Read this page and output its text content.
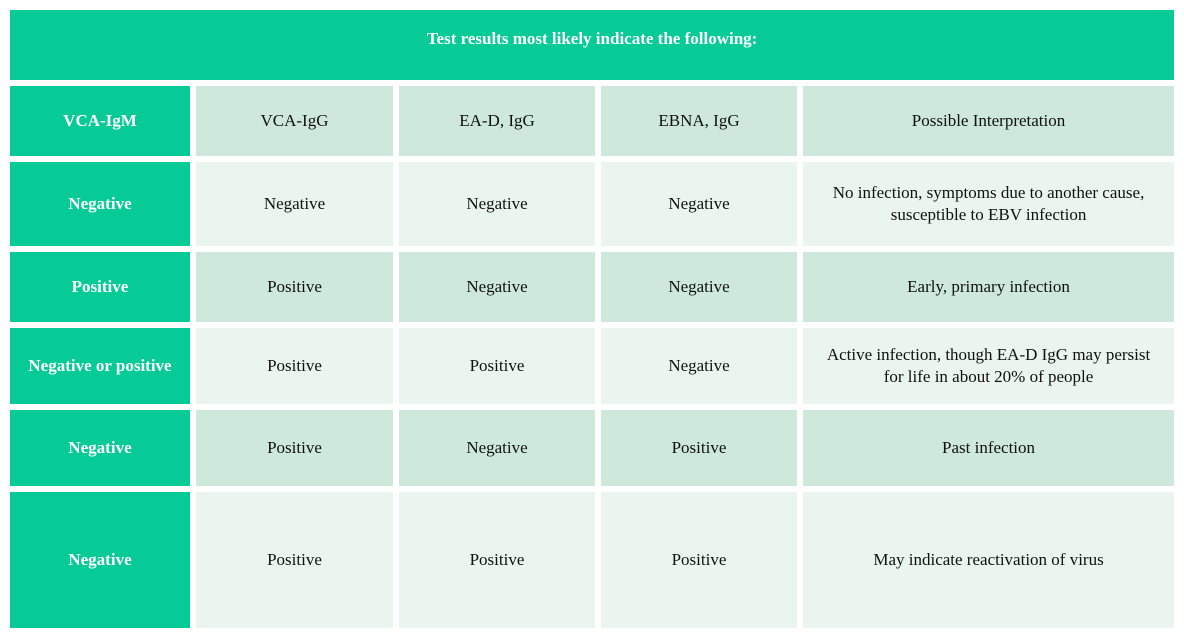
Test results most likely indicate the following:				
VCA-IgM	VCA-IgG	EA-D, IgG	EBNA, IgG	Possible Interpretation
Negative	Negative	Negative	Negative	No infection, symptoms due to another cause, susceptible to EBV infection
Positive	Positive	Negative	Negative	Early, primary infection
Negative or positive	Positive	Positive	Negative	Active infection, though EA-D IgG may persist for life in about 20% of people
Negative	Positive	Negative	Positive	Past infection
Negative	Positive	Positive	Positive	May indicate reactivation of virus
